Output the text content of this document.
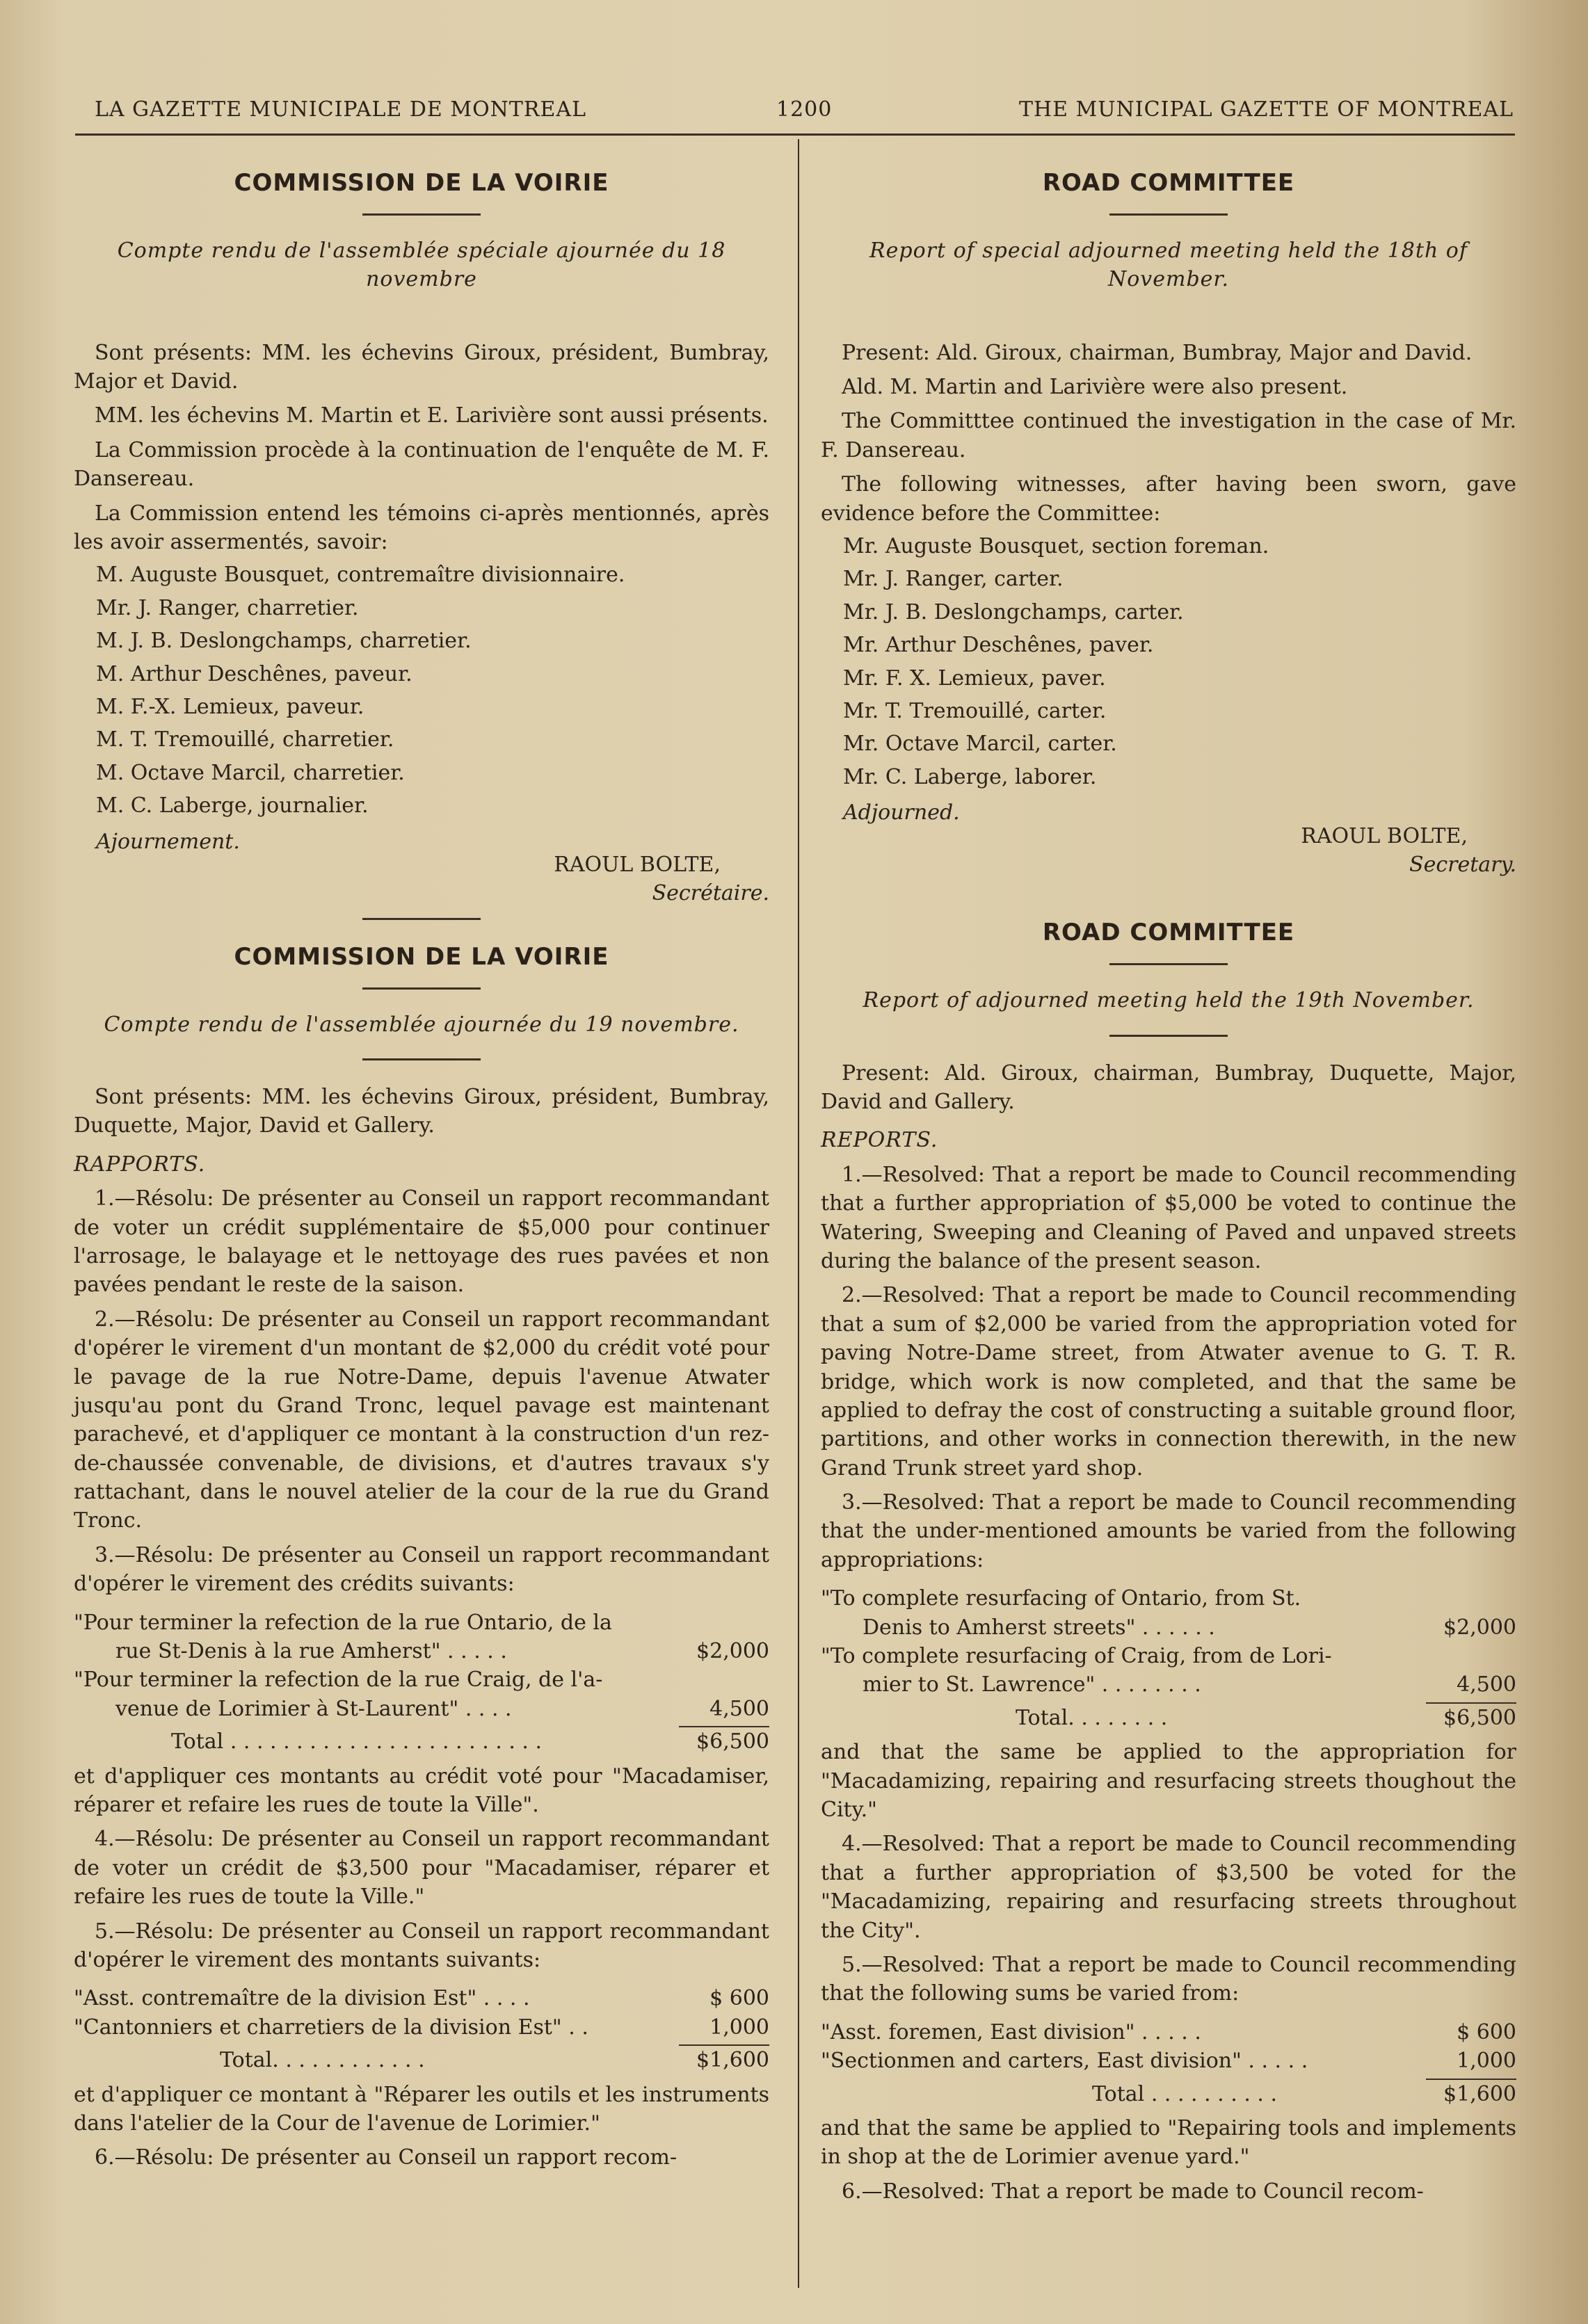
LA GAZETTE MUNICIPALE DE MONTREAL	1200	THE MUNICIPAL GAZETTE OF MONTREAL
COMMISSION DE LA VOIRIE
Compte rendu de l'assemblée spéciale ajournée du 18
novembre
Sont présents: MM. les échevins Giroux, président, Bumbray, Major et David.
MM. les échevins M. Martin et E. Larivière sont aussi présents.
La Commission procède à la continuation de l'enquête de M. F. Dansereau.
La Commission entend les témoins ci-après mentionnés, après les avoir assermentés, savoir:
M. Auguste Bousquet, contremaître divisionnaire.
Mr. J. Ranger, charretier.
M. J. B. Deslongchamps, charretier.
M. Arthur Deschênes, paveur.
M. F.-X. Lemieux, paveur.
M. T. Tremouillé, charretier.
M. Octave Marcil, charretier.
M. C. Laberge, journalier.
Ajournement.
RAOUL BOLTE,
Secrétaire.
COMMISSION DE LA VOIRIE
Compte rendu de l'assemblée ajournée du 19 novembre.
Sont présents: MM. les échevins Giroux, président, Bumbray, Duquette, Major, David et Gallery.
RAPPORTS.
1.—Résolu: De présenter au Conseil un rapport recommandant de voter un crédit supplémentaire de $5,000 pour continuer l'arrosage, le balayage et le nettoyage des rues pavées et non pavées pendant le reste de la saison.
2.—Résolu: De présenter au Conseil un rapport recommandant d'opérer le virement d'un montant de $2,000 du crédit voté pour le pavage de la rue Notre-Dame, depuis l'avenue Atwater jusqu'au pont du Grand Tronc, lequel pavage est maintenant parachevé, et d'appliquer ce montant à la construction d'un rez-de-chaussée convenable, de divisions, et d'autres travaux s'y rattachant, dans le nouvel atelier de la cour de la rue du Grand Tronc.
3.—Résolu: De présenter au Conseil un rapport recommandant d'opérer le virement des crédits suivants:
"Pour terminer la refection de la rue Ontario, de la
rue St-Denis à la rue Amherst" . . . . .	$2,000
"Pour terminer la refection de la rue Craig, de l'a-
venue de Lorimier à St-Laurent" . . . .	4,500
Total . . . . . . . . . . . . . . . . . . . . . . . .	$6,500
et d'appliquer ces montants au crédit voté pour "Macadamiser, réparer et refaire les rues de toute la Ville".
4.—Résolu: De présenter au Conseil un rapport recommandant de voter un crédit de $3,500 pour "Macadamiser, réparer et refaire les rues de toute la Ville."
5.—Résolu: De présenter au Conseil un rapport recommandant d'opérer le virement des montants suivants:
"Asst. contremaître de la division Est" . . . .	$ 600
"Cantonniers et charretiers de la division Est" . .	1,000
Total. . . . . . . . . . . .	$1,600
et d'appliquer ce montant à "Réparer les outils et les instruments dans l'atelier de la Cour de l'avenue de Lorimier."
6.—Résolu: De présenter au Conseil un rapport recom-
ROAD COMMITTEE
Report of special adjourned meeting held the 18th of
November.
Present: Ald. Giroux, chairman, Bumbray, Major and David.
Ald. M. Martin and Larivière were also present.
The Committtee continued the investigation in the case of Mr. F. Dansereau.
The following witnesses, after having been sworn, gave evidence before the Committee:
Mr. Auguste Bousquet, section foreman.
Mr. J. Ranger, carter.
Mr. J. B. Deslongchamps, carter.
Mr. Arthur Deschênes, paver.
Mr. F. X. Lemieux, paver.
Mr. T. Tremouillé, carter.
Mr. Octave Marcil, carter.
Mr. C. Laberge, laborer.
Adjourned.
RAOUL BOLTE,
Secretary.
ROAD COMMITTEE
Report of adjourned meeting held the 19th November.
Present: Ald. Giroux, chairman, Bumbray, Duquette, Major, David and Gallery.
REPORTS.
1.—Resolved: That a report be made to Council recommending that a further appropriation of $5,000 be voted to continue the Watering, Sweeping and Cleaning of Paved and unpaved streets during the balance of the present season.
2.—Resolved: That a report be made to Council recommending that a sum of $2,000 be varied from the appropriation voted for paving Notre-Dame street, from Atwater avenue to G. T. R. bridge, which work is now completed, and that the same be applied to defray the cost of constructing a suitable ground floor, partitions, and other works in connection therewith, in the new Grand Trunk street yard shop.
3.—Resolved: That a report be made to Council recommending that the under-mentioned amounts be varied from the following appropriations:
"To complete resurfacing of Ontario, from St.
Denis to Amherst streets" . . . . . .	$2,000
"To complete resurfacing of Craig, from de Lori-
mier to St. Lawrence" . . . . . . . .	4,500
Total. . . . . . . .	$6,500
and that the same be applied to the appropriation for "Macadamizing, repairing and resurfacing streets thoughout the City."
4.—Resolved: That a report be made to Council recommending that a further appropriation of $3,500 be voted for the "Macadamizing, repairing and resurfacing streets throughout the City".
5.—Resolved: That a report be made to Council recommending that the following sums be varied from:
"Asst. foremen, East division" . . . . .	$ 600
"Sectionmen and carters, East division" . . . . .	1,000
Total . . . . . . . . . .	$1,600
and that the same be applied to "Repairing tools and implements in shop at the de Lorimier avenue yard."
6.—Resolved: That a report be made to Council recom-
